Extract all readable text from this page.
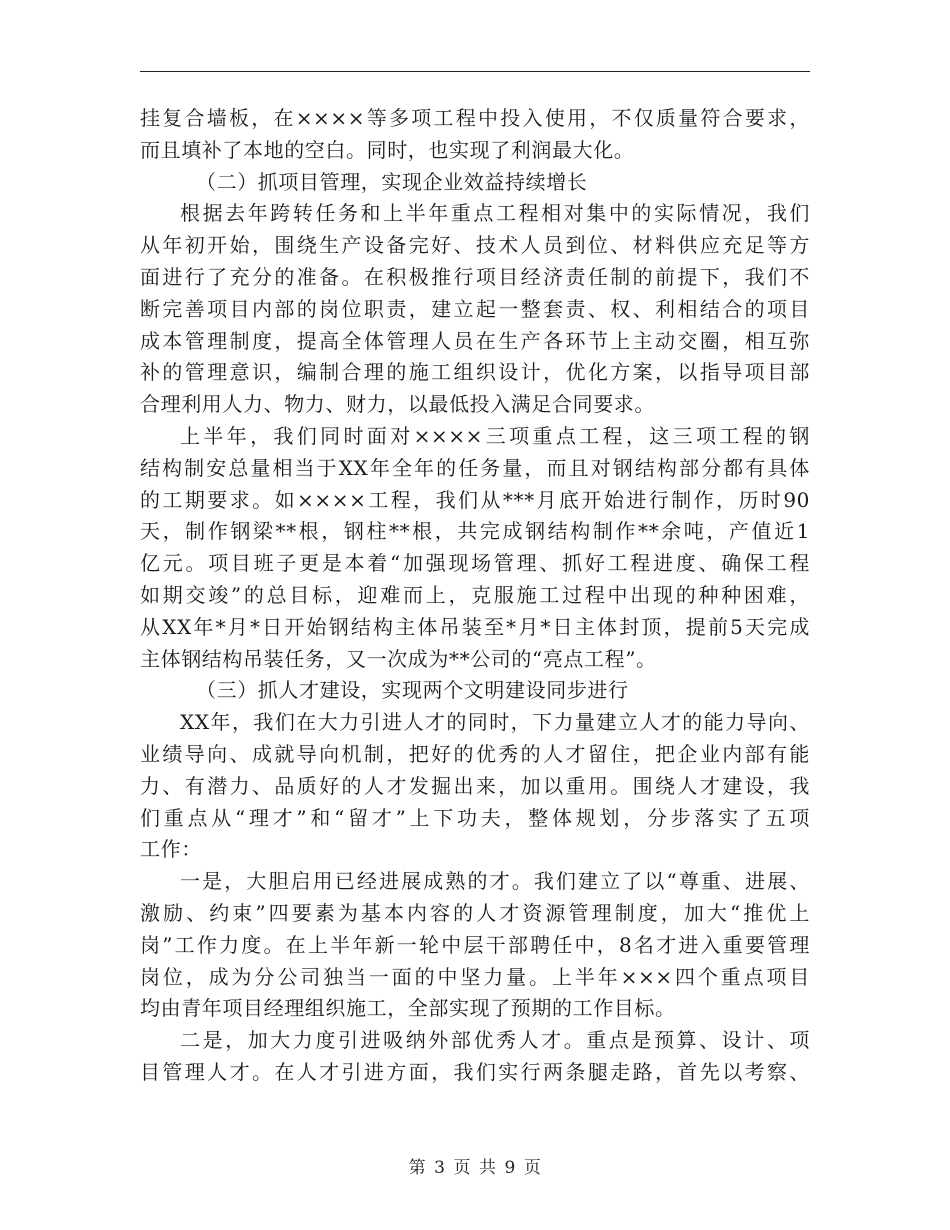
挂复合墙板，在××××等多项工程中投入使用，不仅质量符合要求，
而且填补了本地的空白。同时，也实现了利润最大化。
（二）抓项目管理，实现企业效益持续增长
根据去年跨转任务和上半年重点工程相对集中的实际情况，我们
从年初开始，围绕生产设备完好、技术人员到位、材料供应充足等方
面进行了充分的准备。在积极推行项目经济责任制的前提下，我们不
断完善项目内部的岗位职责，建立起一整套责、权、利相结合的项目
成本管理制度，提高全体管理人员在生产各环节上主动交圈，相互弥
补的管理意识，编制合理的施工组织设计，优化方案，以指导项目部
合理利用人力、物力、财力，以最低投入满足合同要求。
上半年，我们同时面对××××三项重点工程，这三项工程的钢
结构制安总量相当于XX年全年的任务量，而且对钢结构部分都有具体
的工期要求。如××××工程，我们从***月底开始进行制作，历时90
天，制作钢梁**根，钢柱**根，共完成钢结构制作**余吨，产值近1
亿元。项目班子更是本着“加强现场管理、抓好工程进度、确保工程
如期交竣”的总目标，迎难而上，克服施工过程中出现的种种困难，
从XX年*月*日开始钢结构主体吊装至*月*日主体封顶，提前5天完成
主体钢结构吊装任务，又一次成为**公司的“亮点工程”。
（三）抓人才建设，实现两个文明建设同步进行
XX年，我们在大力引进人才的同时，下力量建立人才的能力导向、
业绩导向、成就导向机制，把好的优秀的人才留住，把企业内部有能
力、有潜力、品质好的人才发掘出来，加以重用。围绕人才建设，我
们重点从“理才”和“留才”上下功夫，整体规划，分步落实了五项
工作：
一是，大胆启用已经进展成熟的才。我们建立了以“尊重、进展、
激励、约束”四要素为基本内容的人才资源管理制度，加大“推优上
岗”工作力度。在上半年新一轮中层干部聘任中，8名才进入重要管理
岗位，成为分公司独当一面的中坚力量。上半年×××四个重点项目
均由青年项目经理组织施工，全部实现了预期的工作目标。
二是，加大力度引进吸纳外部优秀人才。重点是预算、设计、项
目管理人才。在人才引进方面，我们实行两条腿走路，首先以考察、
第 3 页 共 9 页
